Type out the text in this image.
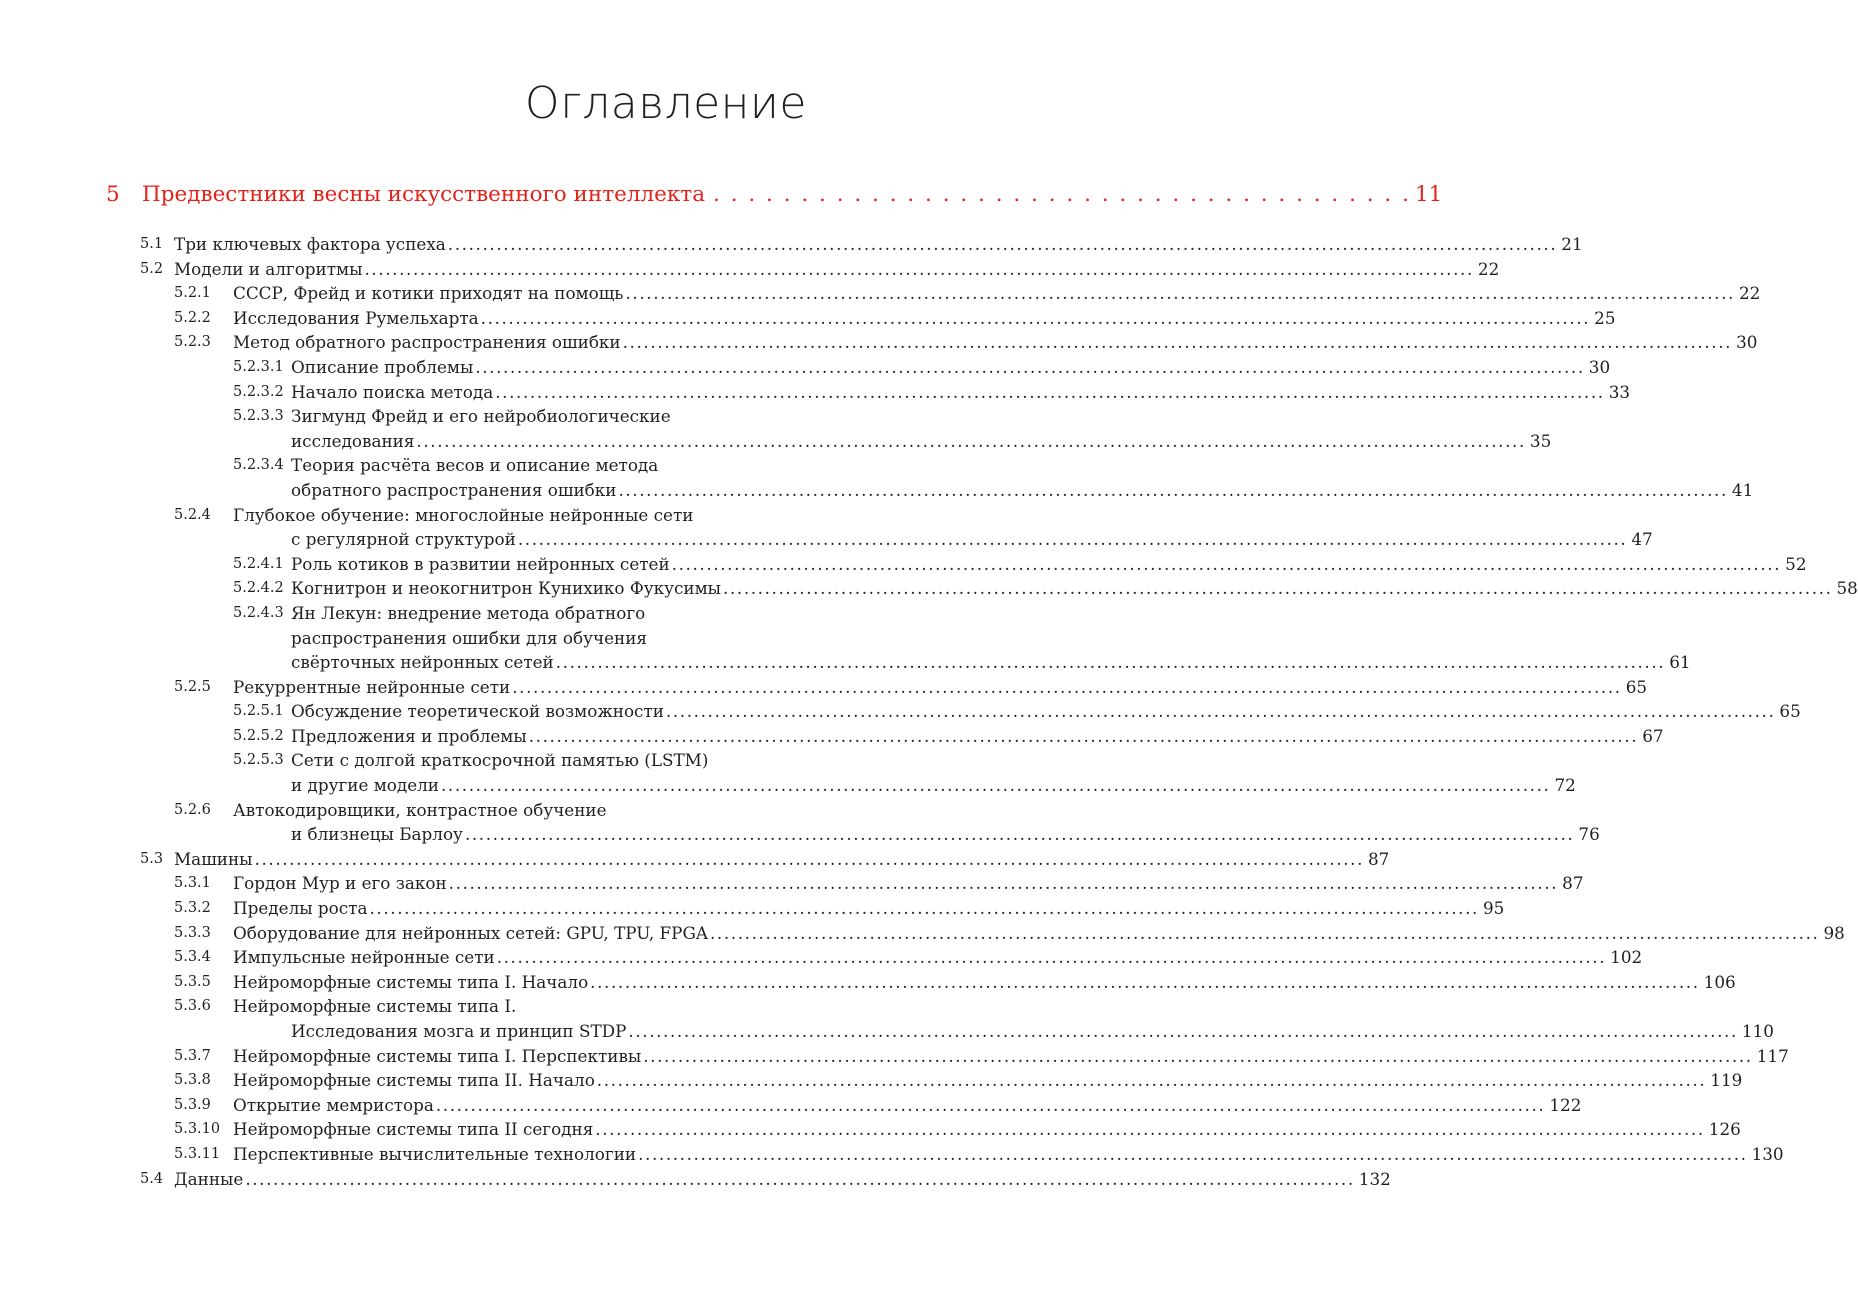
Оглавление
5	Предвестники весны искусственного интеллекта . . . . . . . . . . . . . . . . . . . . . . . . . . . . . . . . . . . . . . . . 11
5.1 Три ключевых фактора успеха ................................................................................................................................................................ 21
5.2 Модели и алгоритмы ................................................................................................................................................................ 22
5.2.1 СССР, Фрейд и котики приходят на помощь ................................................................................................................................................................ 22
5.2.2 Исследования Румельхарта ................................................................................................................................................................ 25
5.2.3 Метод обратного распространения ошибки ................................................................................................................................................................ 30
5.2.3.1 Описание проблемы ................................................................................................................................................................ 30
5.2.3.2 Начало поиска метода ................................................................................................................................................................ 33
5.2.3.3 Зигмунд Фрейд и его нейробиологические
исследования ................................................................................................................................................................ 35
5.2.3.4 Теория расчёта весов и описание метода
обратного распространения ошибки ................................................................................................................................................................ 41
5.2.4 Глубокое обучение: многослойные нейронные сети
с регулярной структурой ................................................................................................................................................................ 47
5.2.4.1 Роль котиков в развитии нейронных сетей ................................................................................................................................................................ 52
5.2.4.2 Когнитрон и неокогнитрон Кунихико Фукусимы ................................................................................................................................................................ 58
5.2.4.3 Ян Лекун: внедрение метода обратного
распространения ошибки для обучения
свёрточных нейронных сетей ................................................................................................................................................................ 61
5.2.5 Рекуррентные нейронные сети ................................................................................................................................................................ 65
5.2.5.1 Обсуждение теоретической возможности ................................................................................................................................................................ 65
5.2.5.2 Предложения и проблемы ................................................................................................................................................................ 67
5.2.5.3 Сети с долгой краткосрочной памятью (LSTM)
и другие модели ................................................................................................................................................................ 72
5.2.6 Автокодировщики, контрастное обучение
и близнецы Барлоу ................................................................................................................................................................ 76
5.3 Машины ................................................................................................................................................................ 87
5.3.1 Гордон Мур и его закон ................................................................................................................................................................ 87
5.3.2 Пределы роста ................................................................................................................................................................ 95
5.3.3 Оборудование для нейронных сетей: GPU, TPU, FPGA ................................................................................................................................................................ 98
5.3.4 Импульсные нейронные сети ................................................................................................................................................................ 102
5.3.5 Нейроморфные системы типа I. Начало ................................................................................................................................................................ 106
5.3.6 Нейроморфные системы типа I.
Исследования мозга и принцип STDP ................................................................................................................................................................ 110
5.3.7 Нейроморфные системы типа I. Перспективы ................................................................................................................................................................ 117
5.3.8 Нейроморфные системы типа II. Начало ................................................................................................................................................................ 119
5.3.9 Открытие мемристора ................................................................................................................................................................ 122
5.3.10 Нейроморфные системы типа II сегодня ................................................................................................................................................................ 126
5.3.11 Перспективные вычислительные технологии ................................................................................................................................................................ 130
5.4 Данные ................................................................................................................................................................ 132
